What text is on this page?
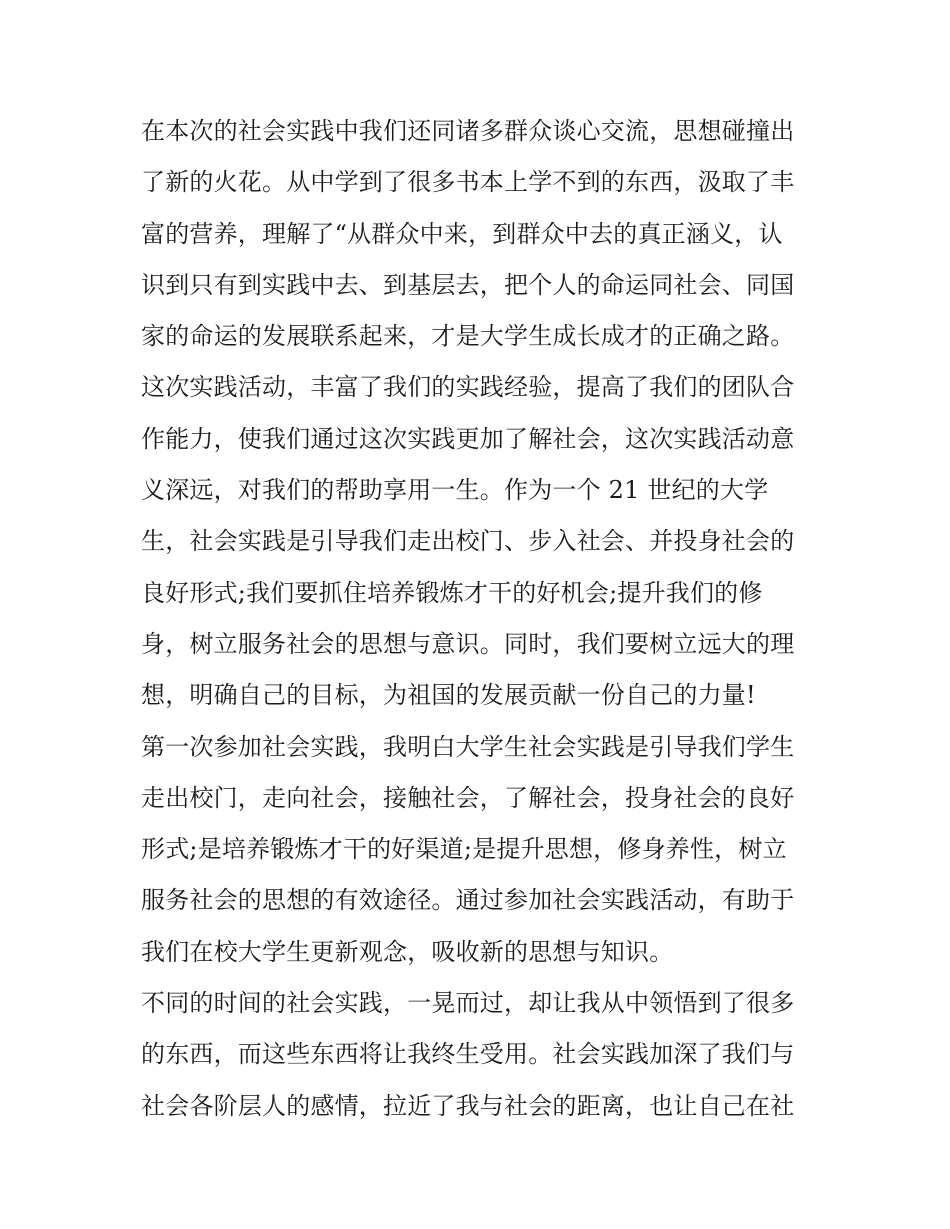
在本次的社会实践中我们还同诸多群众谈心交流，思想碰撞出
了新的火花。从中学到了很多书本上学不到的东西，汲取了丰
富的营养，理解了“从群众中来，到群众中去的真正涵义，认
识到只有到实践中去、到基层去，把个人的命运同社会、同国
家的命运的发展联系起来，才是大学生成长成才的正确之路。
这次实践活动，丰富了我们的实践经验，提高了我们的团队合
作能力，使我们通过这次实践更加了解社会，这次实践活动意
义深远，对我们的帮助享用一生。作为一个 21 世纪的大学
生，社会实践是引导我们走出校门、步入社会、并投身社会的
良好形式;我们要抓住培养锻炼才干的好机会;提升我们的修
身，树立服务社会的思想与意识。同时，我们要树立远大的理
想，明确自己的目标，为祖国的发展贡献一份自己的力量!
第一次参加社会实践，我明白大学生社会实践是引导我们学生
走出校门，走向社会，接触社会，了解社会，投身社会的良好
形式;是培养锻炼才干的好渠道;是提升思想，修身养性，树立
服务社会的思想的有效途径。通过参加社会实践活动，有助于
我们在校大学生更新观念，吸收新的思想与知识。
不同的时间的社会实践，一晃而过，却让我从中领悟到了很多
的东西，而这些东西将让我终生受用。社会实践加深了我们与
社会各阶层人的感情，拉近了我与社会的距离，也让自己在社
